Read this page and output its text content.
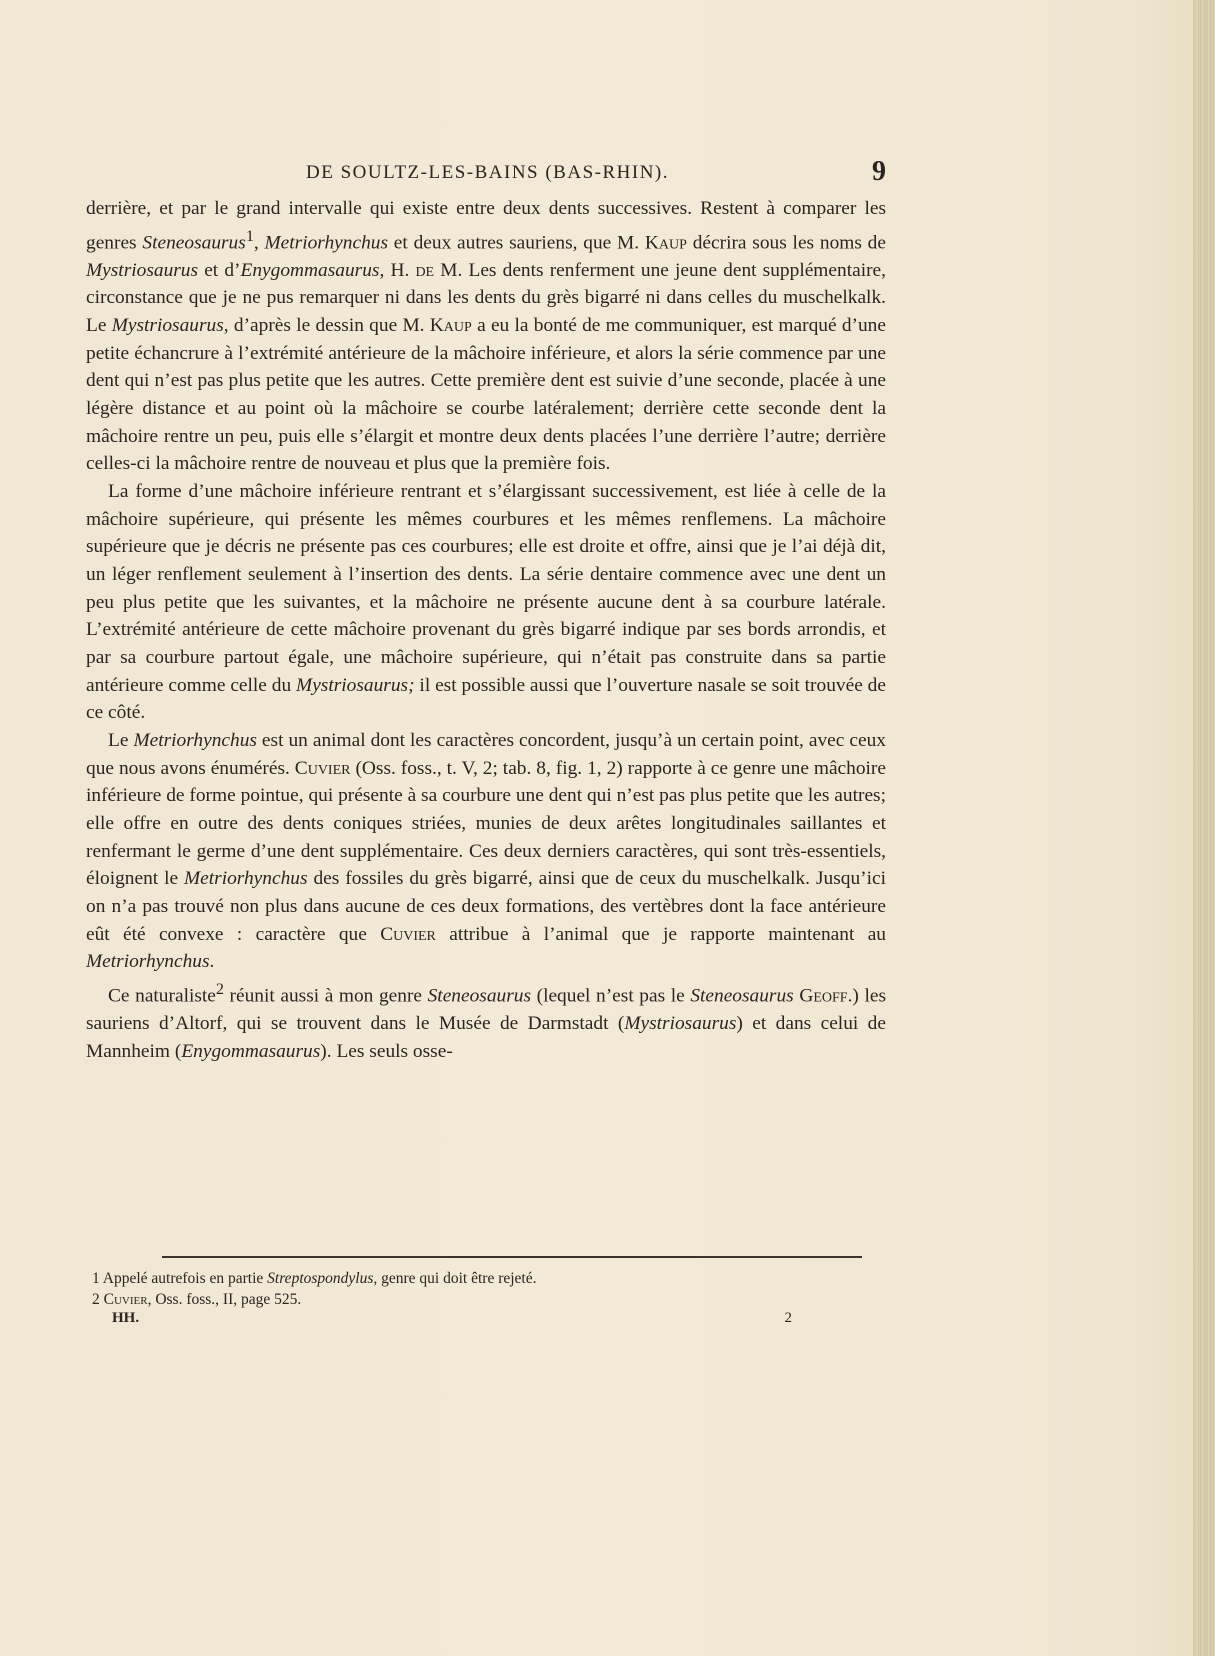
DE SOULTZ-LES-BAINS (BAS-RHIN).	9

derrière, et par le grand intervalle qui existe entre deux dents successives. Restent à comparer les genres Steneosaurus$^1$, Metriorhynchus et deux autres sauriens, que M. Kaup décrira sous les noms de Mystriosaurus et d’Enygommasaurus, H. de M. Les dents renferment une jeune dent supplémentaire, circonstance que je ne pus remarquer ni dans les dents du grès bigarré ni dans celles du muschelkalk. Le Mystriosaurus, d’après le dessin que M. Kaup a eu la bonté de me communiquer, est marqué d’une petite échancrure à l’extrémité antérieure de la mâchoire inférieure, et alors la série commence par une dent qui n’est pas plus petite que les autres. Cette première dent est suivie d’une seconde, placée à une légère distance et au point où la mâchoire se courbe latéralement; derrière cette seconde dent la mâchoire rentre un peu, puis elle s’élargit et montre deux dents placées l’une derrière l’autre; derrière celles-ci la mâchoire rentre de nouveau et plus que la première fois.

La forme d’une mâchoire inférieure rentrant et s’élargissant successivement, est liée à celle de la mâchoire supérieure, qui présente les mêmes courbures et les mêmes renflemens. La mâchoire supérieure que je décris ne présente pas ces courbures; elle est droite et offre, ainsi que je l’ai déjà dit, un léger renflement seulement à l’insertion des dents. La série dentaire commence avec une dent un peu plus petite que les suivantes, et la mâchoire ne présente aucune dent à sa courbure latérale. L’extrémité antérieure de cette mâchoire provenant du grès bigarré indique par ses bords arrondis, et par sa courbure partout égale, une mâchoire supérieure, qui n’était pas construite dans sa partie antérieure comme celle du Mystriosaurus; il est possible aussi que l’ouverture nasale se soit trouvée de ce côté.

Le Metriorhynchus est un animal dont les caractères concordent, jusqu’à un certain point, avec ceux que nous avons énumérés. Cuvier (Oss. foss., t. V, 2; tab. 8, fig. 1, 2) rapporte à ce genre une mâchoire inférieure de forme pointue, qui présente à sa courbure une dent qui n’est pas plus petite que les autres; elle offre en outre des dents coniques striées, munies de deux arêtes longitudinales saillantes et renfermant le germe d’une dent supplémentaire. Ces deux derniers caractères, qui sont très-essentiels, éloignent le Metriorhynchus des fossiles du grès bigarré, ainsi que de ceux du muschelkalk. Jusqu’ici on n’a pas trouvé non plus dans aucune de ces deux formations, des vertèbres dont la face antérieure eût été convexe : caractère que Cuvier attribue à l’animal que je rapporte maintenant au Metriorhynchus.

Ce naturaliste$^2$ réunit aussi à mon genre Steneosaurus (lequel n’est pas le Steneosaurus Geoff.) les sauriens d’Altorf, qui se trouvent dans le Musée de Darmstadt (Mystriosaurus) et dans celui de Mannheim (Enygommasaurus). Les seuls osse-

1 Appelé autrefois en partie Streptospondylus, genre qui doit être rejeté.

2 Cuvier, Oss. foss., II, page 525.

HH.	2
